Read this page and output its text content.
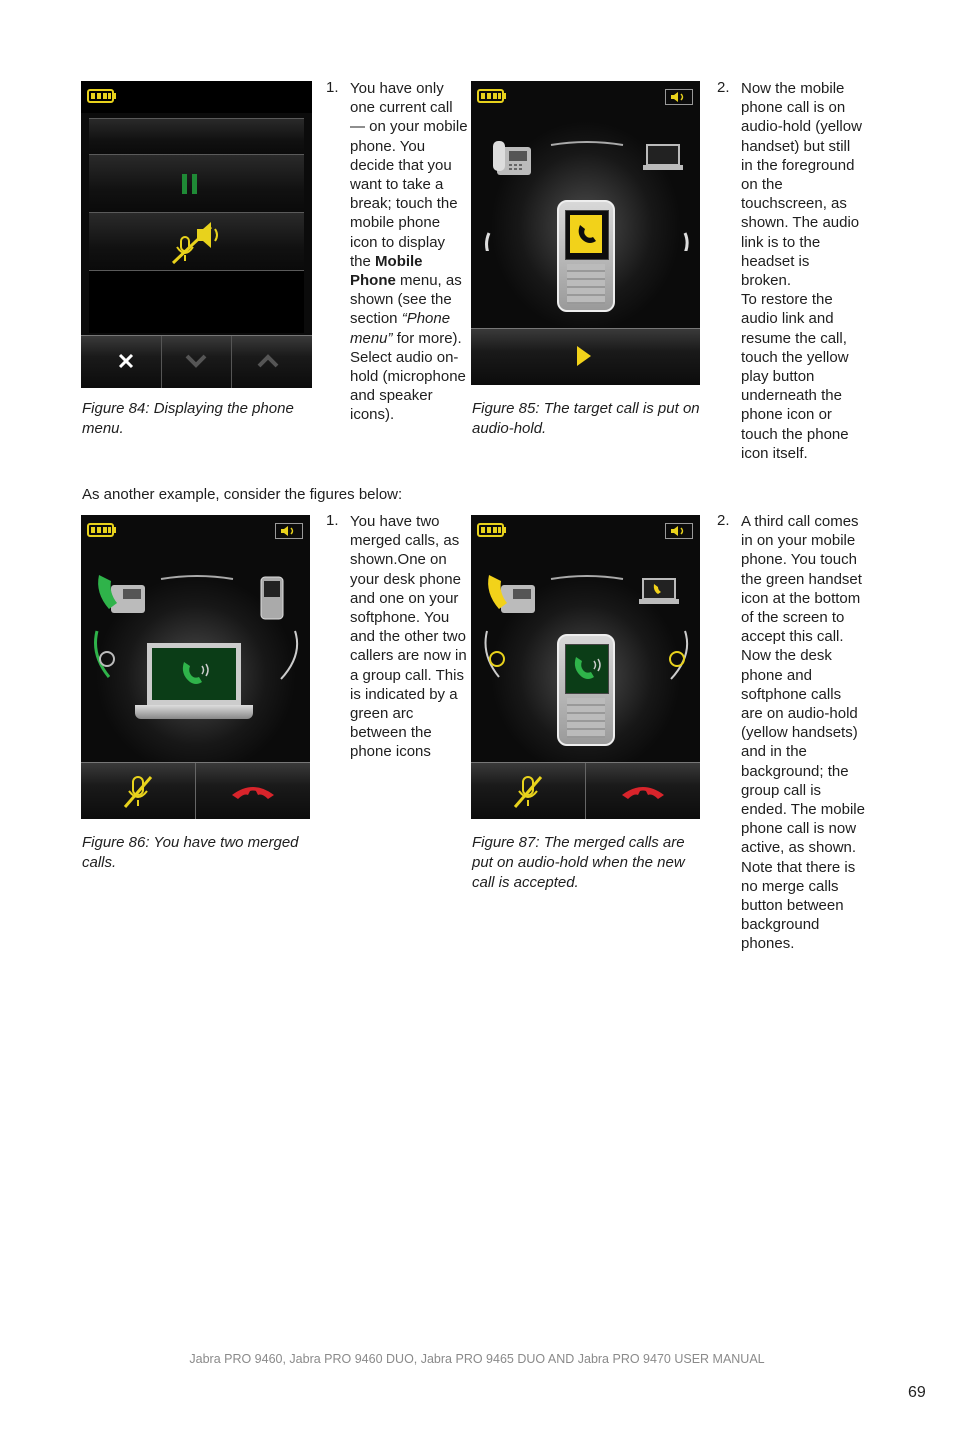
Figure 84: Displaying the phone menu.
1. You have only one current call — on your mobile phone. You decide that you want to take a break; touch the mobile phone icon to display the Mobile Phone menu, as shown (see the section “Phone menu” for more). Select audio on-hold (microphone and speaker icons).	Figure 85: The target call is put on audio-hold.
2. Now the mobile phone call is on audio-hold (yellow handset) but still in the foreground on the touchscreen, as shown. The audio link is to the headset is broken.

To restore the audio link and resume the call, touch the yellow play button underneath the phone icon or touch the phone icon itself.

As another example, consider the figures below:
Figure 86: You have two merged calls.
1. You have two merged calls, as shown.One on your desk phone and one on your softphone. You and the other two callers are now in a group call. This is indicated by a green arc between the phone icons

Figure 87: The merged calls are put on audio-hold when the new call is accepted.
2. A third call comes in on your mobile phone. You touch the green handset icon at the bottom of the screen to accept this call.

Now the desk phone and softphone calls are on audio-hold (yellow handsets) and in the background; the group call is ended. The mobile phone call is now active, as shown. Note that there is no merge calls button between background phones.

Jabra PRO 9460, Jabra PRO 9460 DUO, Jabra PRO 9465 DUO AND Jabra PRO 9470 USER MANUAL
69
